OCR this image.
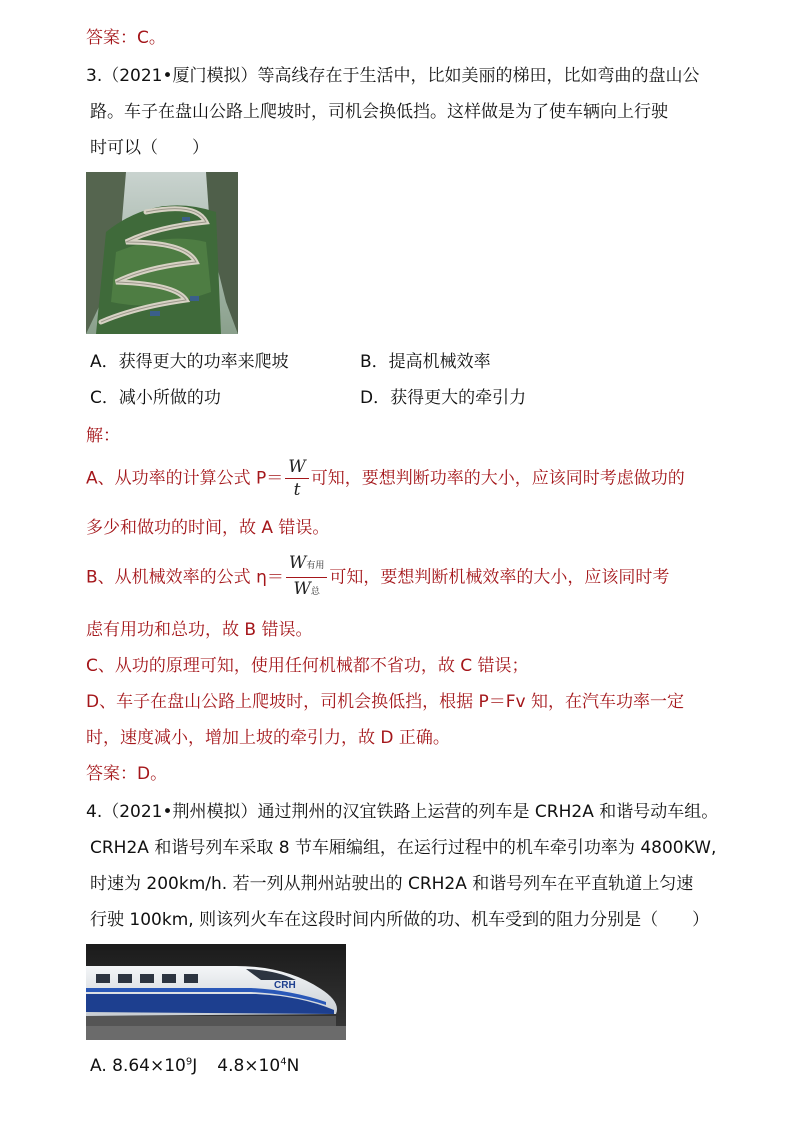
答案：C。
3.（2021•厦门模拟）等高线存在于生活中，比如美丽的梯田，比如弯曲的盘山公
路。车子在盘山公路上爬坡时，司机会换低挡。这样做是为了使车辆向上行驶
时可以（　　）
A．获得更大的功率来爬坡	B．提高机械效率
C．减小所做的功	D．获得更大的牵引力
解：
A、从功率的计算公式 $P= \frac{W}{t}$ 可知，要想判断功率的大小，应该同时考虑做功的
多少和做功的时间，故 A 错误。
B、从机械效率的公式 $\eta= \frac{\text{W有用}}{\text{W总}}$ 可知，要想判断机械效率的大小，应该同时考
虑有用功和总功，故 B 错误。
C、从功的原理可知，使用任何机械都不省功，故 C 错误；
D、车子在盘山公路上爬坡时，司机会换低挡，根据 P＝Fv 知，在汽车功率一定
时，速度减小，增加上坡的牵引力，故 D 正确。
答案：D。
4.（2021•荆州模拟）通过荆州的汉宜铁路上运营的列车是 CRH2A 和谐号动车组。
CRH2A 和谐号列车采取 8 节车厢编组，在运行过程中的机车牵引功率为 4800KW,
时速为 200km/h. 若一列从荆州站驶出的 CRH2A 和谐号列车在平直轨道上匀速
行驶 100km, 则该列火车在这段时间内所做的功、机车受到的阻力分别是（　　）
CRH
A. $8.64\times 10^9J$ $4.8\times 10^4N$
